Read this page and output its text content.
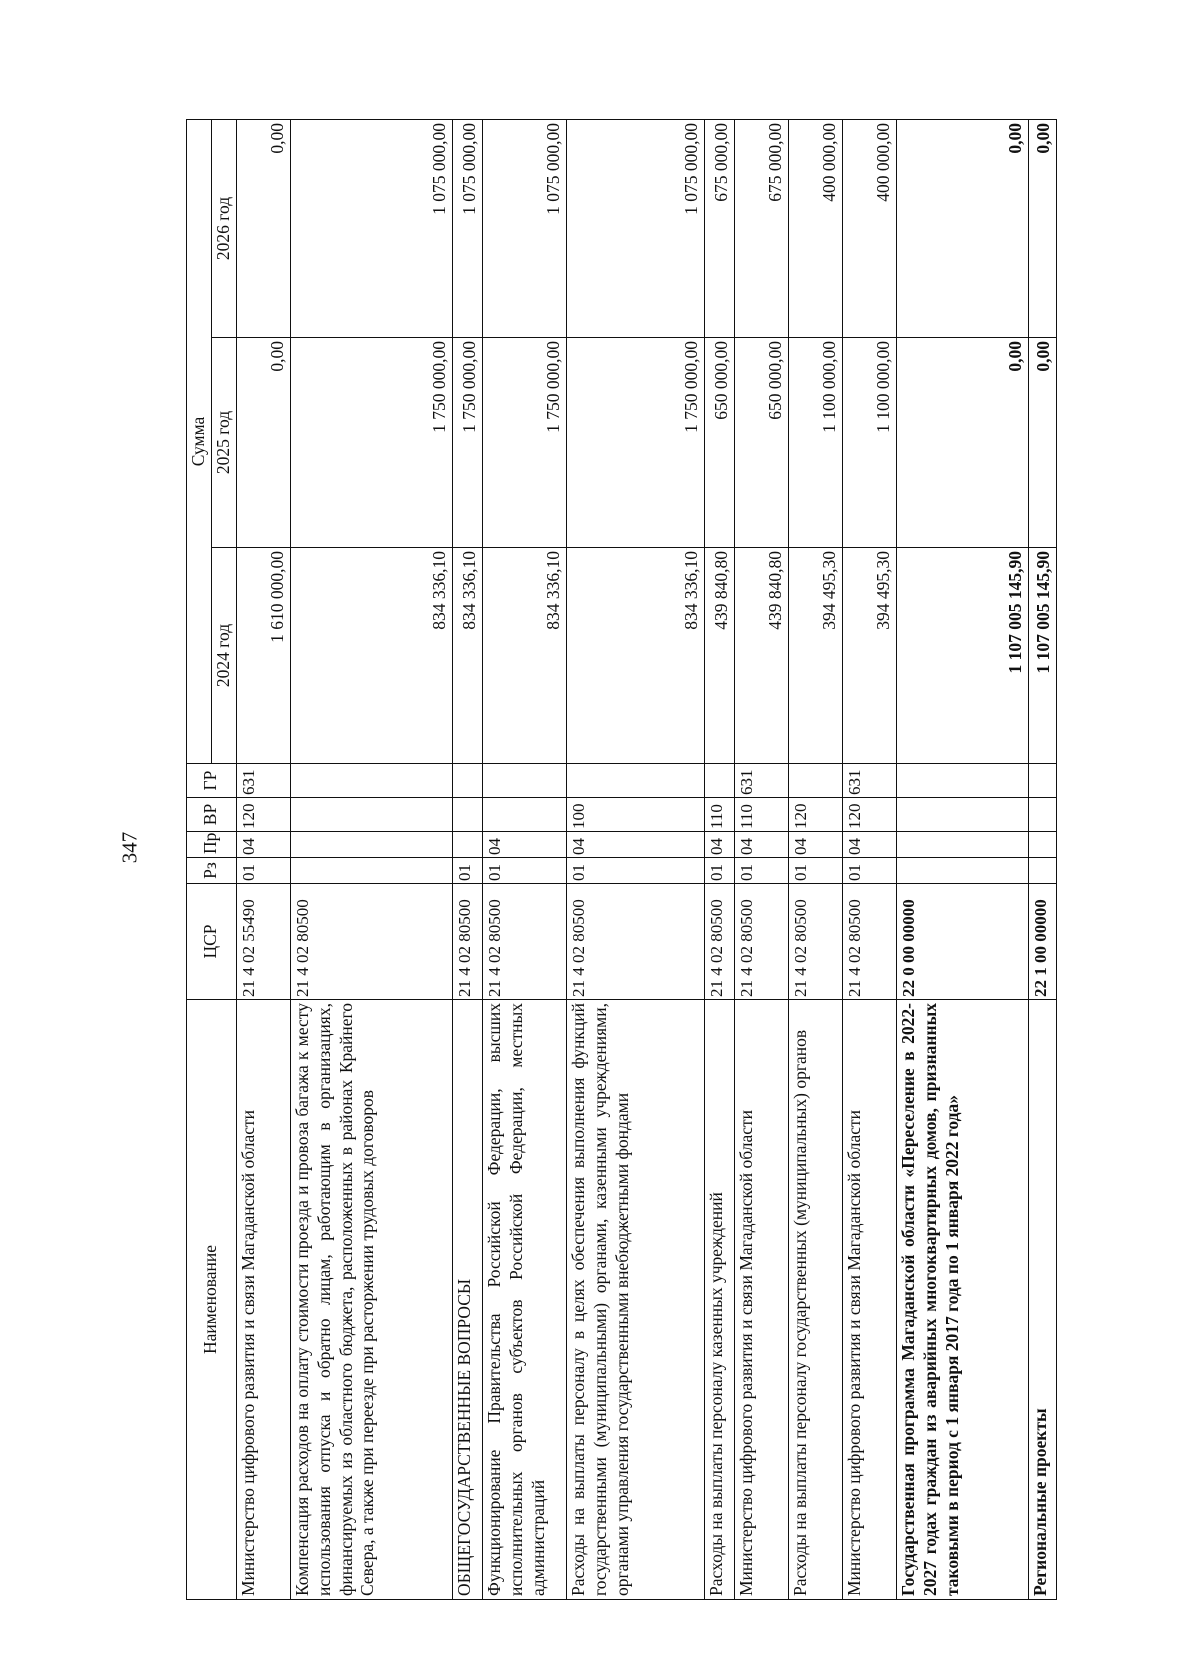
347
Наименование	ЦСР	Рз	Пр	ВР	ГР	Сумма		
						2024 год	2025 год	2026 год
Министерство цифрового развития и связи Магаданской области	21 4 02 55490	01	04	120	631	1 610 000,00	0,00	0,00
Компенсация расходов на оплату стоимости проезда и провоза багажа к месту использования отпуска и обратно лицам, работающим в организациях, финансируемых из областного бюджета, расположенных в районах Крайнего Севера, а также при переезде при расторжении трудовых договоров	21 4 02 80500					834 336,10	1 750 000,00	1 075 000,00
ОБЩЕГОСУДАРСТВЕННЫЕ ВОПРОСЫ	21 4 02 80500	01				834 336,10	1 750 000,00	1 075 000,00
Функционирование Правительства Российской Федерации, высших исполнительных органов субъектов Российской Федерации, местных администраций	21 4 02 80500	01	04			834 336,10	1 750 000,00	1 075 000,00
Расходы на выплаты персоналу в целях обеспечения выполнения функций государственными (муниципальными) органами, казенными учреждениями, органами управления государственными внебюджетными фондами	21 4 02 80500	01	04	100		834 336,10	1 750 000,00	1 075 000,00
Расходы на выплаты персоналу казенных учреждений	21 4 02 80500	01	04	110		439 840,80	650 000,00	675 000,00
Министерство цифрового развития и связи Магаданской области	21 4 02 80500	01	04	110	631	439 840,80	650 000,00	675 000,00
Расходы на выплаты персоналу государственных (муниципальных) органов	21 4 02 80500	01	04	120		394 495,30	1 100 000,00	400 000,00
Министерство цифрового развития и связи Магаданской области	21 4 02 80500	01	04	120	631	394 495,30	1 100 000,00	400 000,00
Государственная программа Магаданской области «Переселение в 2022-2027 годах граждан из аварийных многоквартирных домов, признанных таковыми в период с 1 января 2017 года по 1 января 2022 года»	22 0 00 00000					1 107 005 145,90	0,00	0,00
Региональные проекты	22 1 00 00000					1 107 005 145,90	0,00	0,00
